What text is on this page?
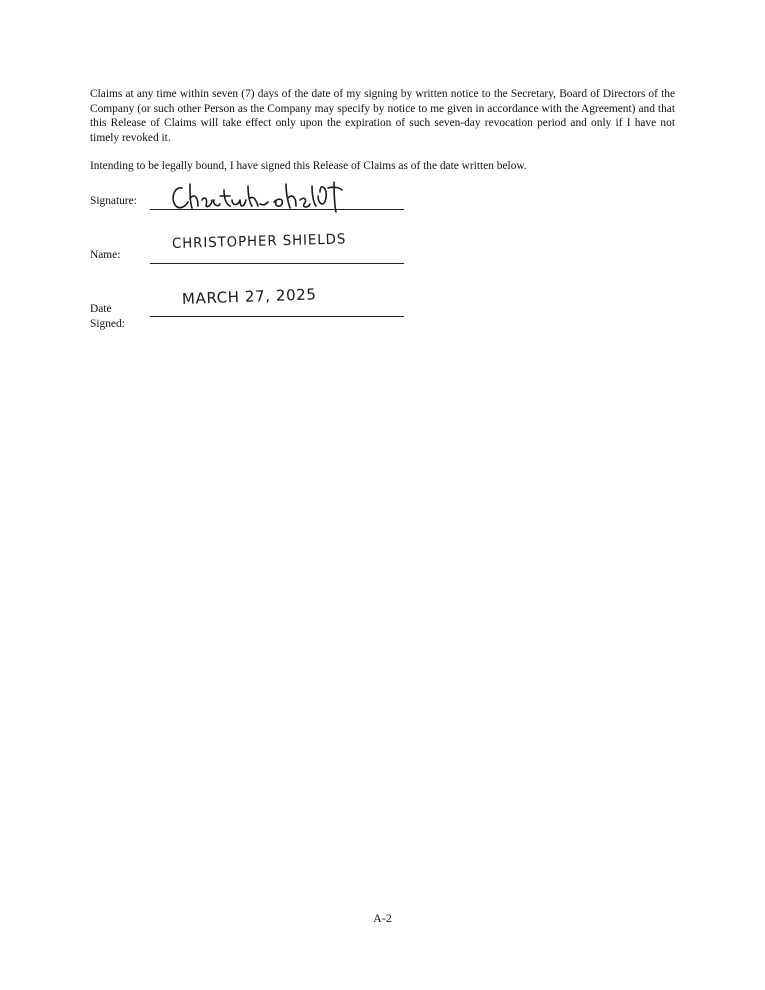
Claims at any time within seven (7) days of the date of my signing by written notice to the Secretary, Board of Directors of the Company (or such other Person as the Company may specify by notice to me given in accordance with the Agreement) and that this Release of Claims will take effect only upon the expiration of such seven-day revocation period and only if I have not timely revoked it.

Intending to be legally bound, I have signed this Release of Claims as of the date written below.

Signature:
Name:
CHRISTOPHER SHIELDS
Date
Signed:
MARCH 27, 2025
A-2
